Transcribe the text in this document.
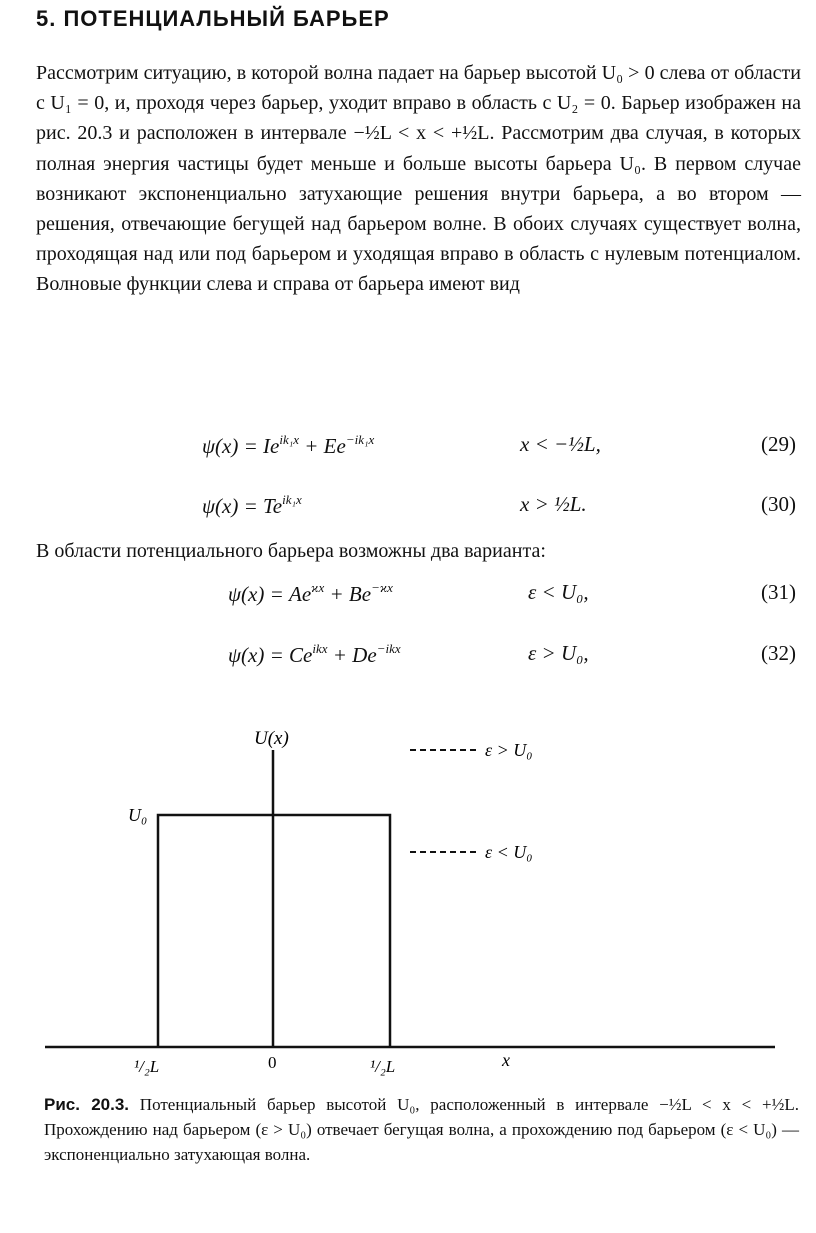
5. ПОТЕНЦИАЛЬНЫЙ БАРЬЕР

Рассмотрим ситуацию, в которой волна падает на барьер высотой U₀ > 0 слева от области с U₁ = 0, и, проходя через барьер, уходит вправо в область с U₂ = 0. Барьер изображен на рис. 20.3 и расположен в интервале −½L < x < +½L. Рассмотрим два случая, в которых полная энергия частицы будет меньше и больше высоты барьера U₀. В первом случае возникают экспоненциально затухающие решения внутри барьера, а во втором — решения, отвечающие бегущей над барьером волне. В обоих случаях существует волна, проходящая над или под барьером и уходящая вправо в область с нулевым потенциалом. Волновые функции слева и справа от барьера имеют вид

$\psi(x) = Ie^{ik_1x} + Ee^{-ik_1x}$	x < −½L,	(29)
$\psi(x) = Te^{ik_1x}$	x > ½L.	(30)
В области потенциального барьера возможны два варианта:
$\psi(x) = Ae^{ϰx} + Be^{-ϰx}$	ε < U₀,	(31)
$\psi(x) = Ce^{ikx} + De^{-ikx}$	ε > U₀,	(32)
U(x)
U₀
ε > U₀
ε < U₀
¹/₂L	0	¹/₂L	x
Рис. 20.3. Потенциальный барьер высотой U₀, расположенный в интервале −½L < x < +½L. Прохождению над барьером (ε > U₀) отвечает бегущая волна, а прохождению под барьером (ε < U₀) — экспоненциально затухающая волна.
